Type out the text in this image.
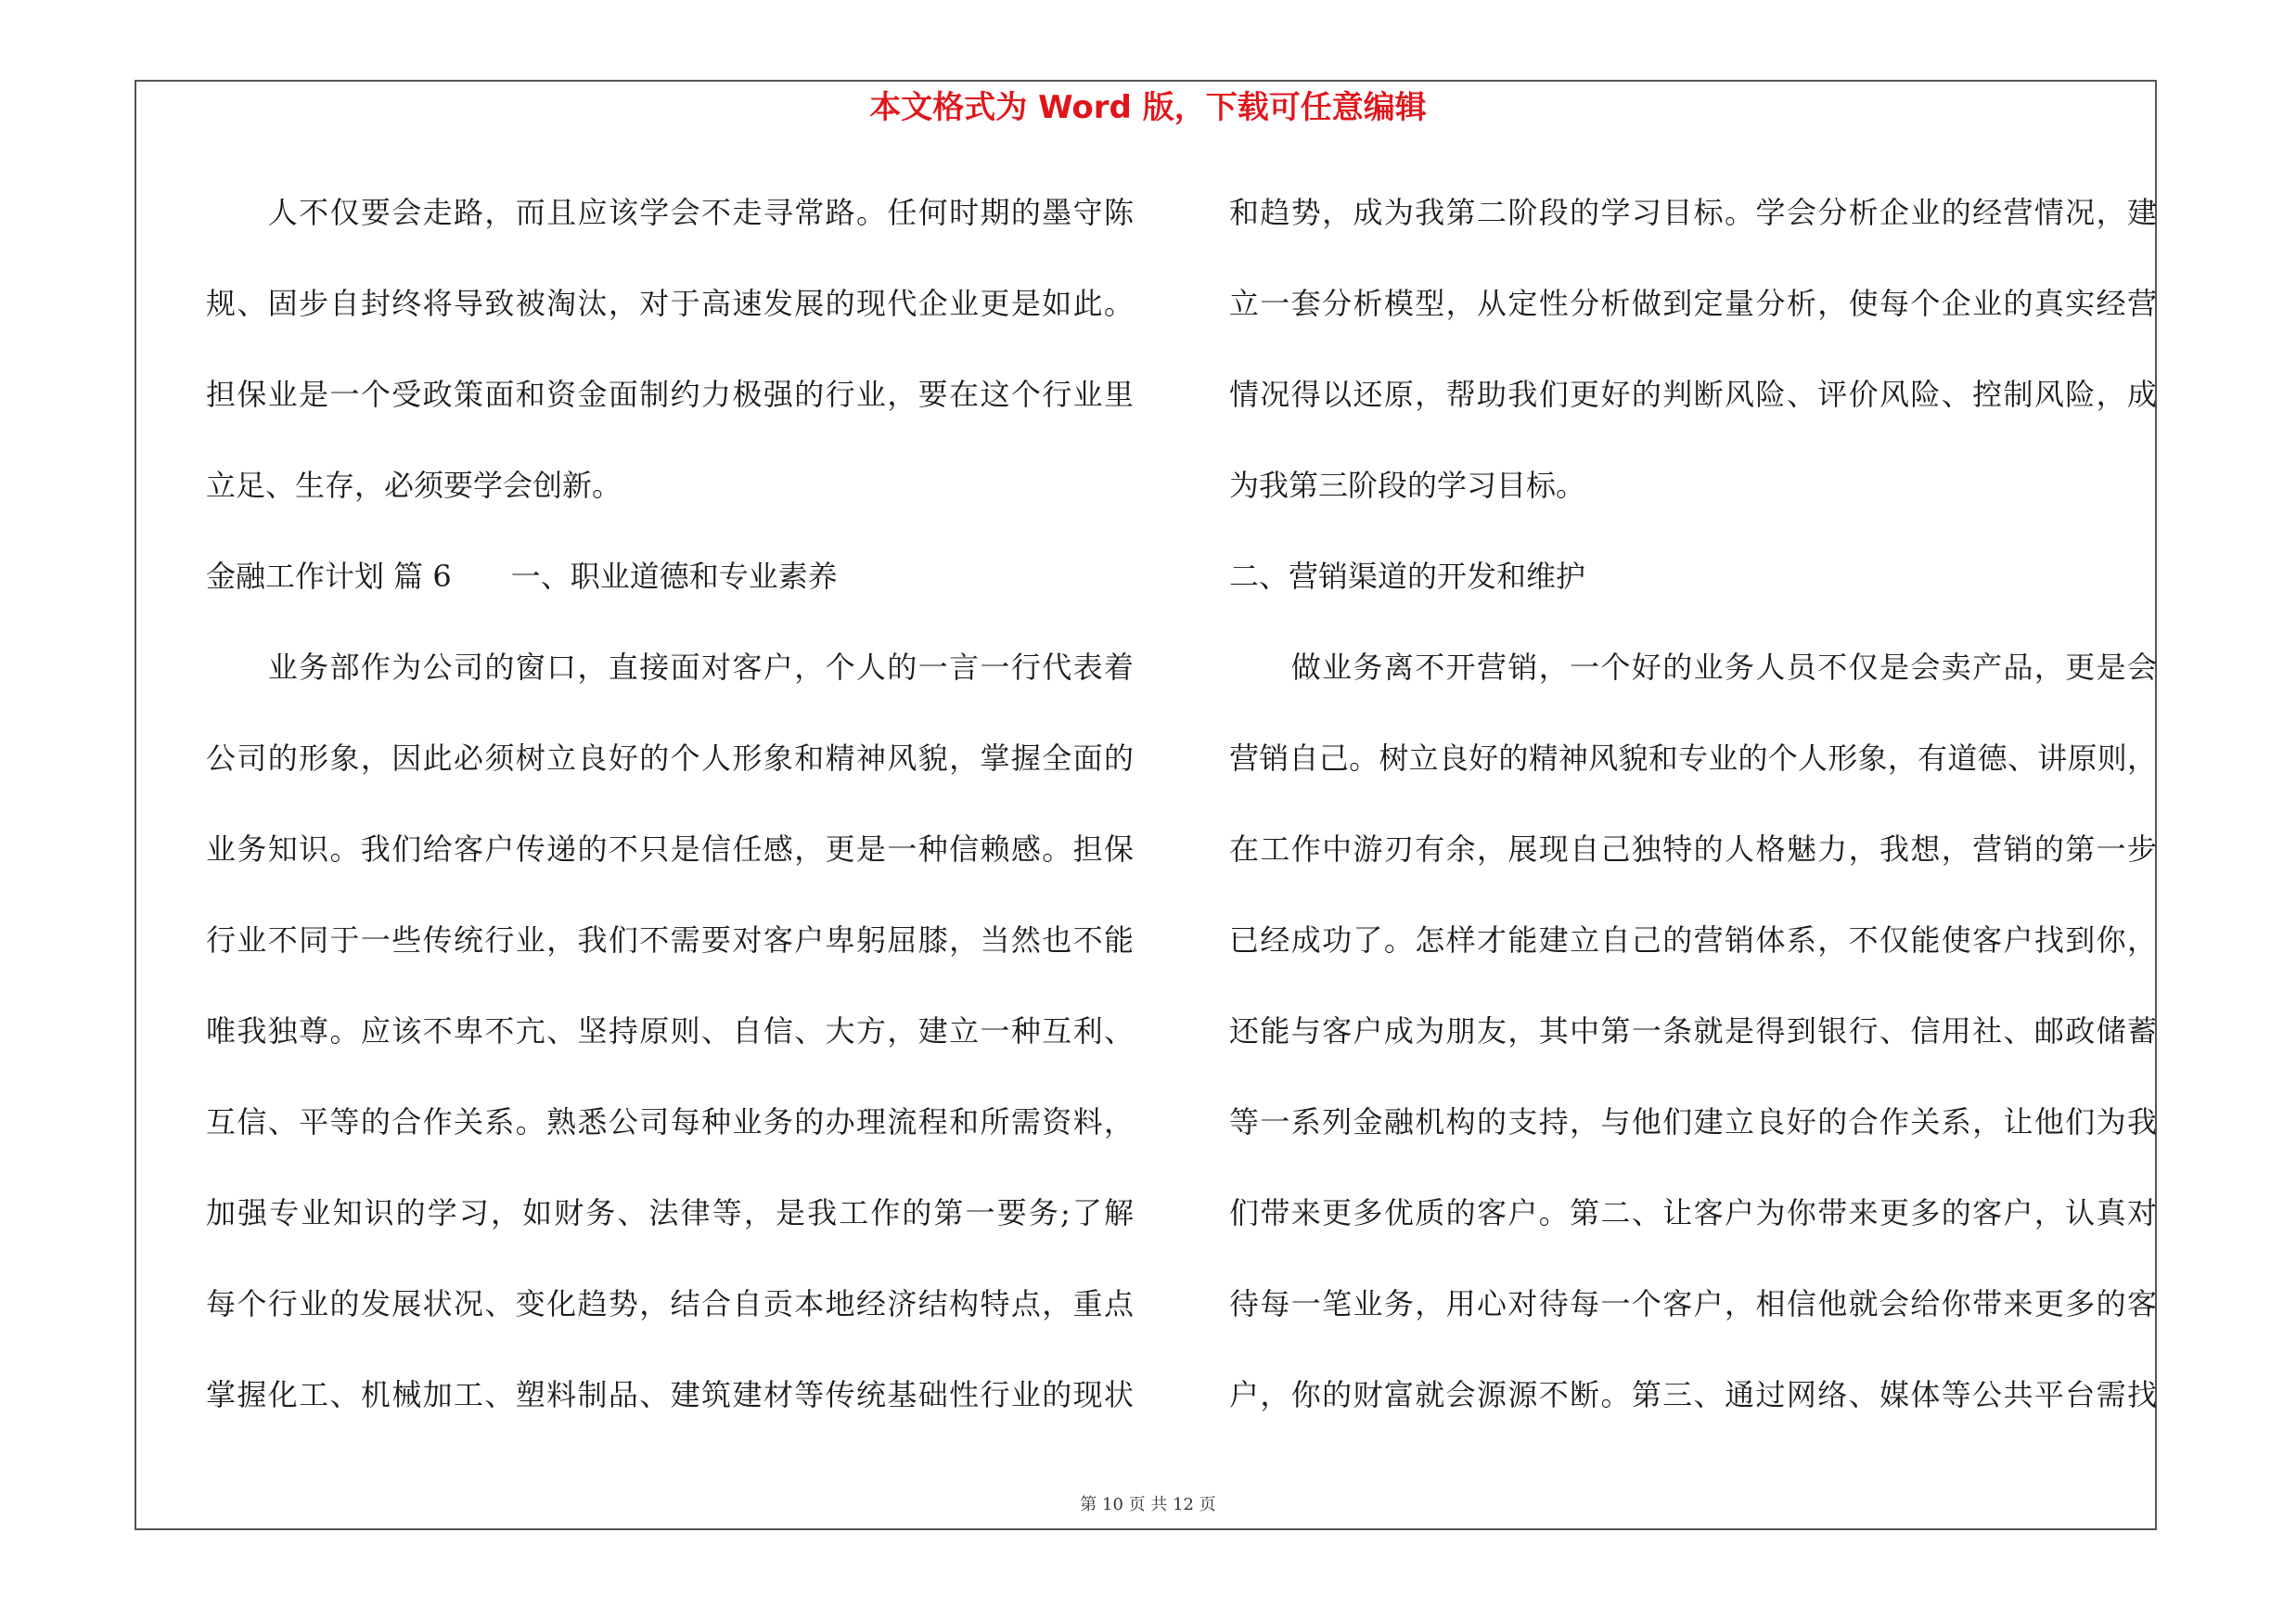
本文格式为 Word 版，下载可任意编辑
　　人不仅要会走路，而且应该学会不走寻常路。任何时期的墨守陈
规、固步自封终将导致被淘汰，对于高速发展的现代企业更是如此。
担保业是一个受政策面和资金面制约力极强的行业，要在这个行业里
立足、生存，必须要学会创新。
金融工作计划 篇 6　　一、职业道德和专业素养
　　业务部作为公司的窗口，直接面对客户，个人的一言一行代表着
公司的形象，因此必须树立良好的个人形象和精神风貌，掌握全面的
业务知识。我们给客户传递的不只是信任感，更是一种信赖感。担保
行业不同于一些传统行业，我们不需要对客户卑躬屈膝，当然也不能
唯我独尊。应该不卑不亢、坚持原则、自信、大方，建立一种互利、
互信、平等的合作关系。熟悉公司每种业务的办理流程和所需资料，
加强专业知识的学习，如财务、法律等，是我工作的第一要务;了解
每个行业的发展状况、变化趋势，结合自贡本地经济结构特点，重点
掌握化工、机械加工、塑料制品、建筑建材等传统基础性行业的现状
和趋势，成为我第二阶段的学习目标。学会分析企业的经营情况，建
立一套分析模型，从定性分析做到定量分析，使每个企业的真实经营
情况得以还原，帮助我们更好的判断风险、评价风险、控制风险，成
为我第三阶段的学习目标。
二、营销渠道的开发和维护
　　做业务离不开营销，一个好的业务人员不仅是会卖产品，更是会
营销自己。树立良好的精神风貌和专业的个人形象，有道德、讲原则，
在工作中游刃有余，展现自己独特的人格魅力，我想，营销的第一步
已经成功了。怎样才能建立自己的营销体系，不仅能使客户找到你，
还能与客户成为朋友，其中第一条就是得到银行、信用社、邮政储蓄
等一系列金融机构的支持，与他们建立良好的合作关系，让他们为我
们带来更多优质的客户。第二、让客户为你带来更多的客户，认真对
待每一笔业务，用心对待每一个客户，相信他就会给你带来更多的客
户，你的财富就会源源不断。第三、通过网络、媒体等公共平台需找
第 10 页 共 12 页
